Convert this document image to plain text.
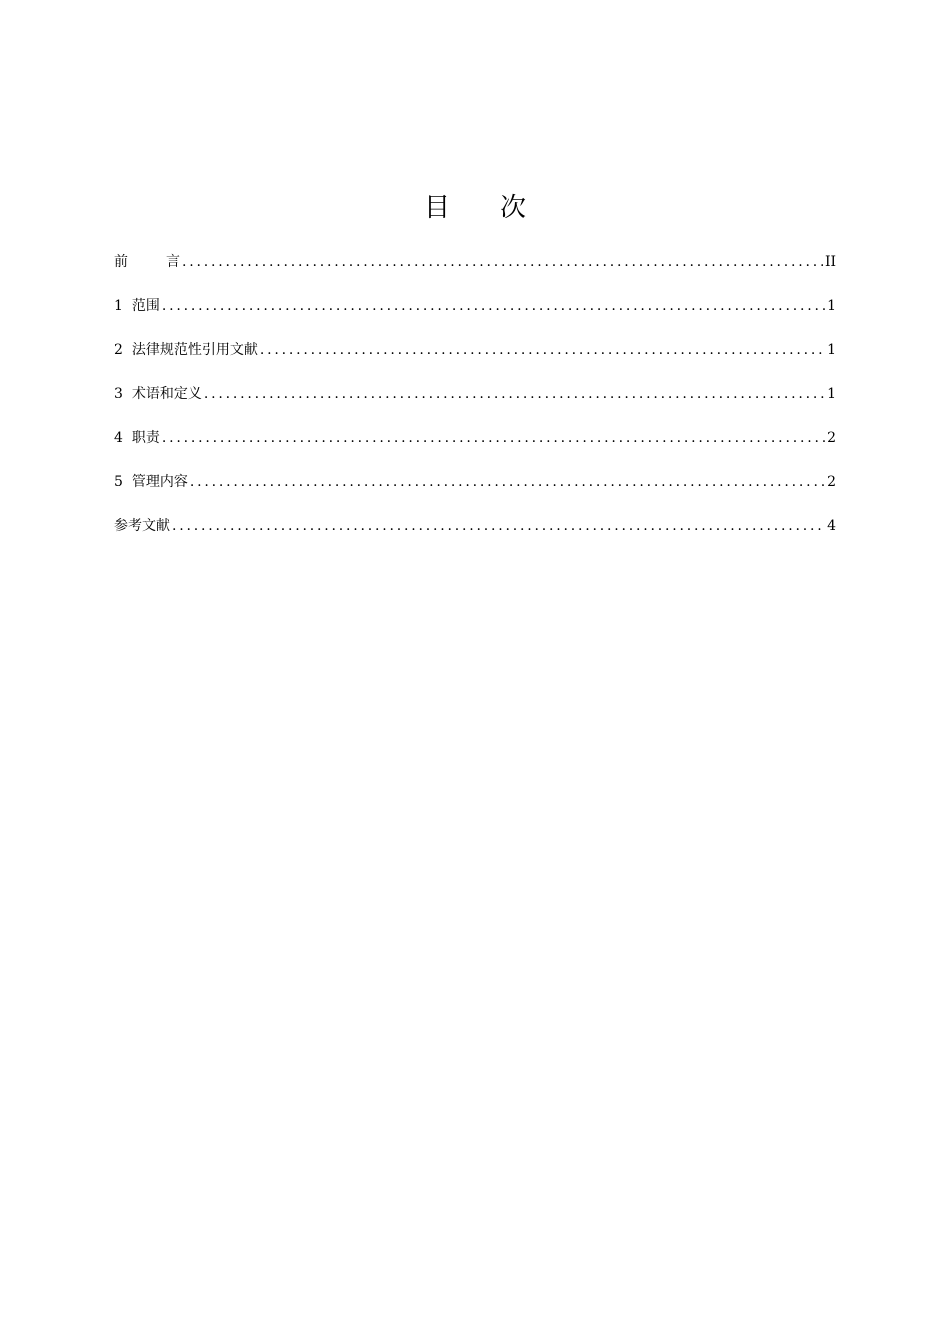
目 次
前	言 .....	II
1 范围 .....	1
2 法律规范性引用文献 .....	1
3 术语和定义 .....	1
4 职责 .....	2
5 管理内容 .....	2
参考文献 .....	4
